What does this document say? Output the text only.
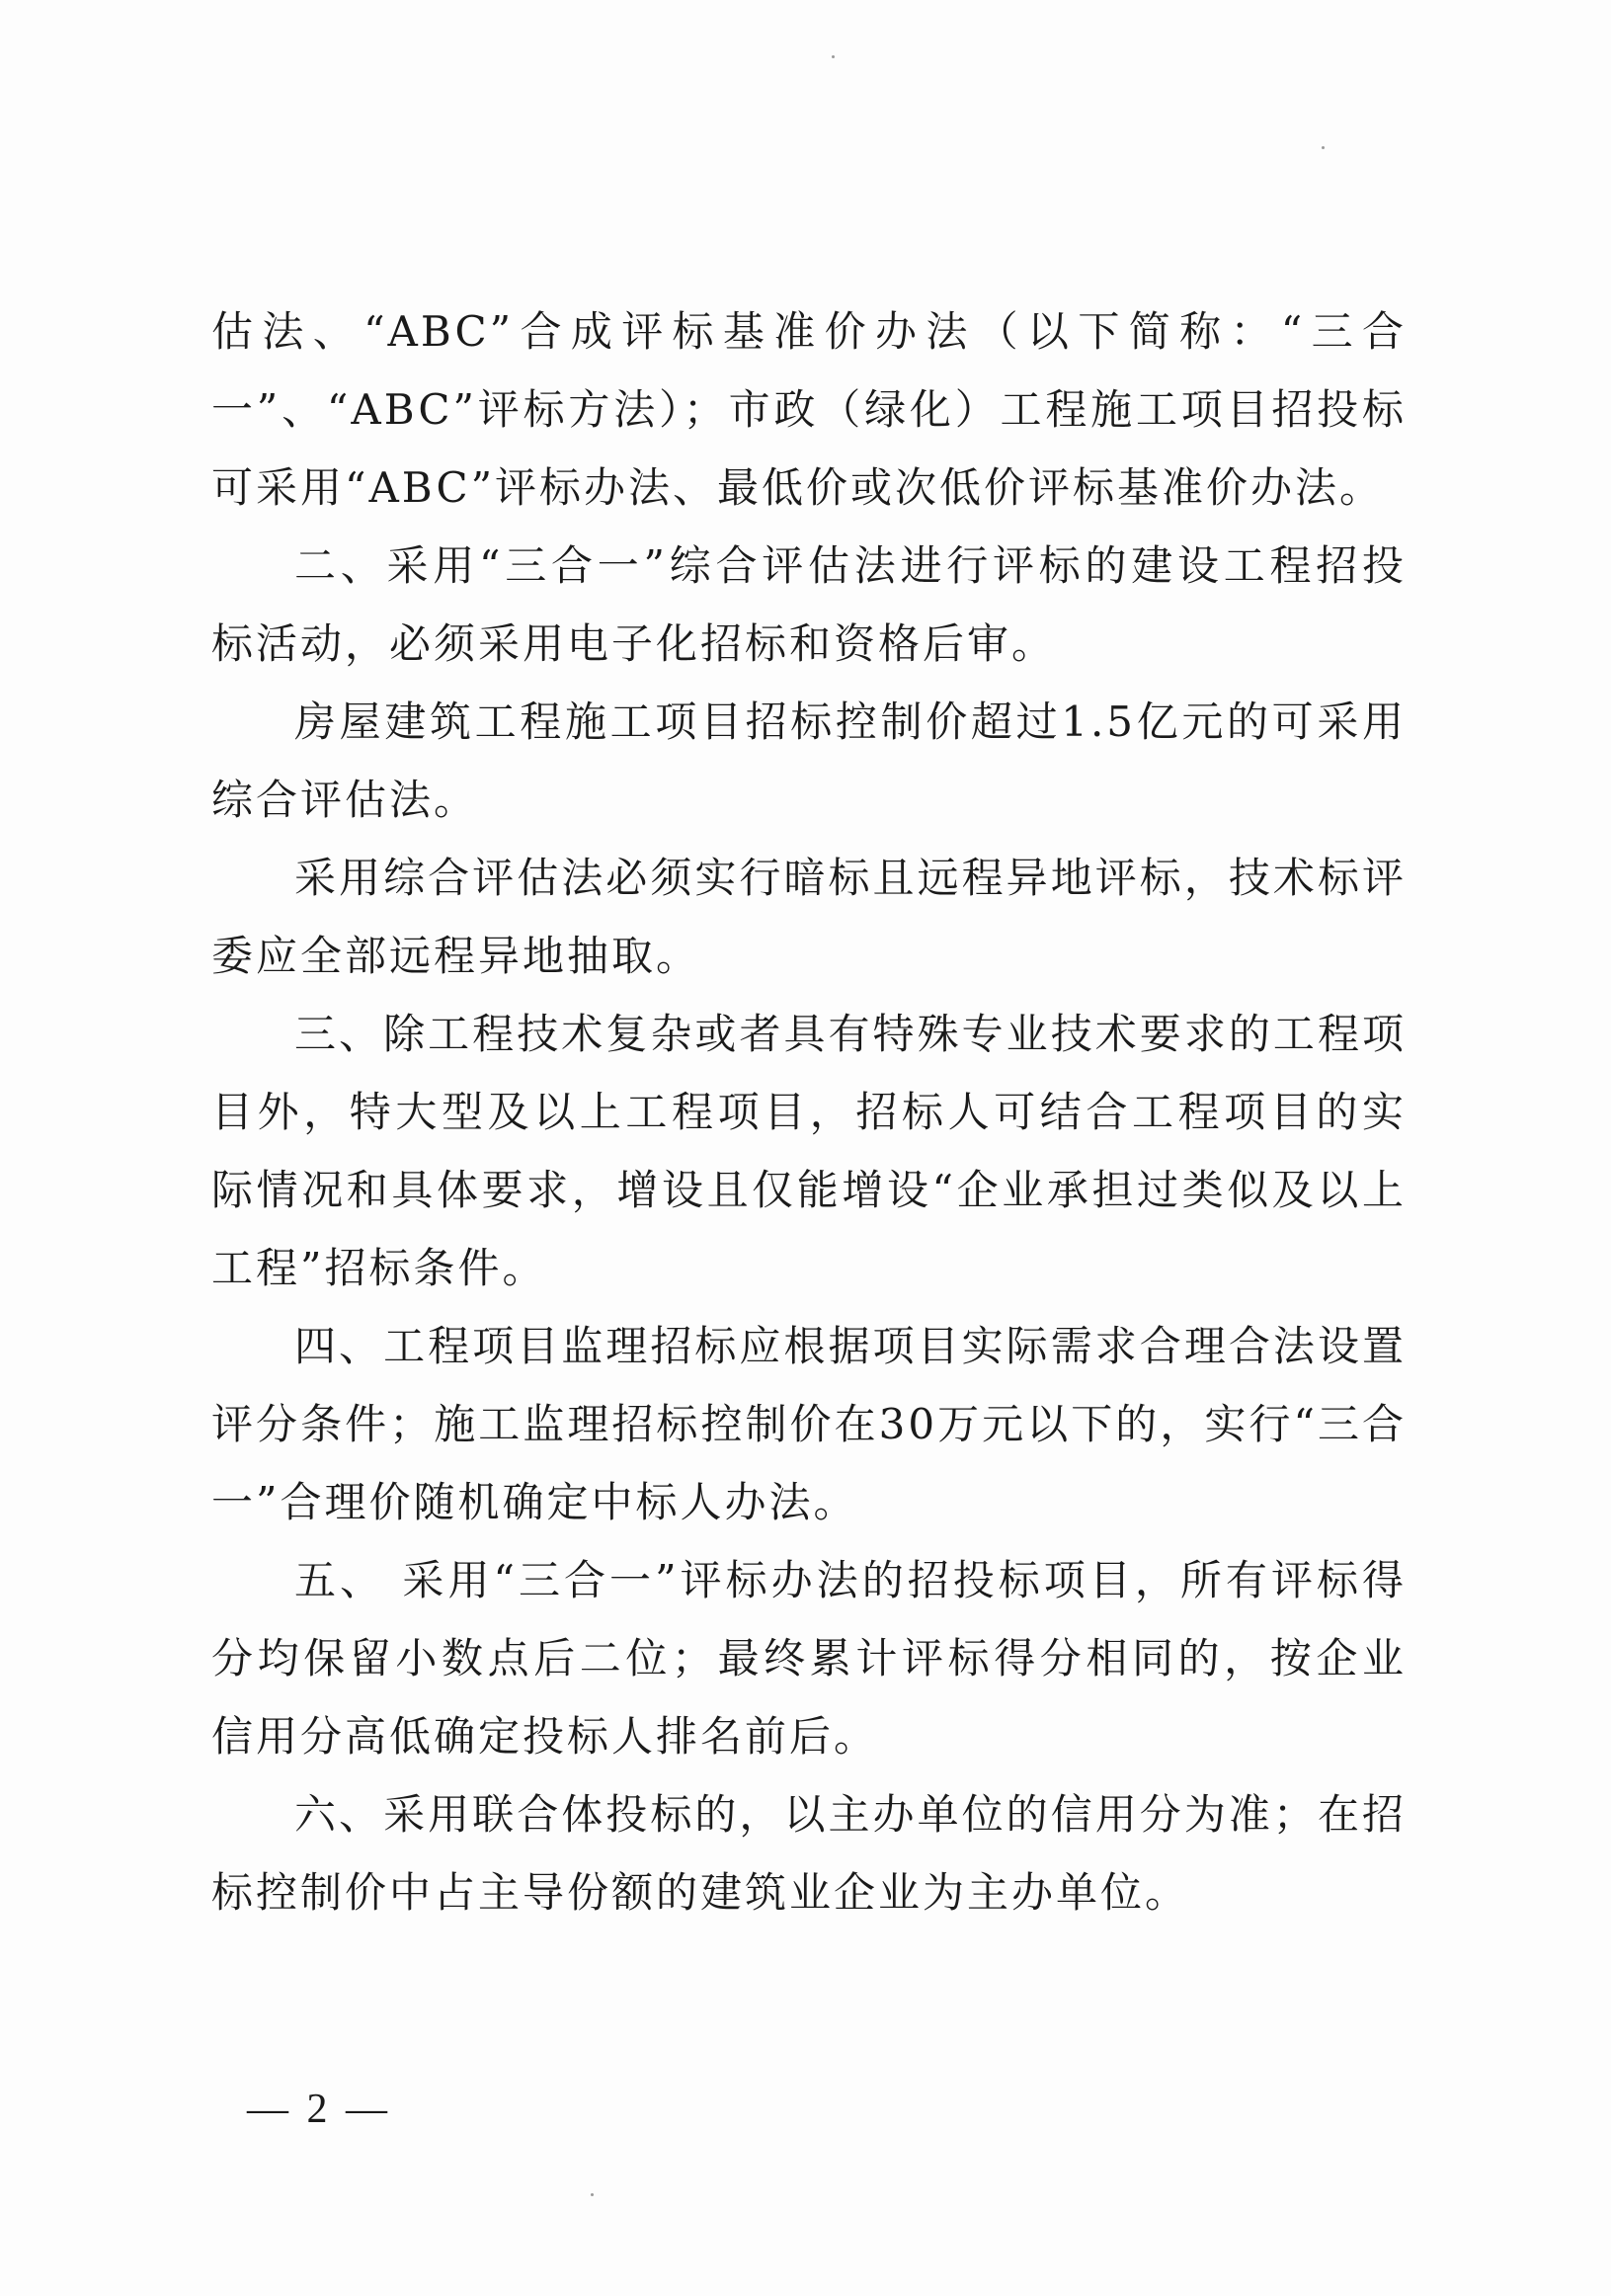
估法、“ABC”合成评标基准价办法（以下简称：“三合一”、“ABC”评标方法）；市政（绿化）工程施工项目招投标可采用“ABC”评标办法、最低价或次低价评标基准价办法。

二、采用“三合一”综合评估法进行评标的建设工程招投标活动，必须采用电子化招标和资格后审。

房屋建筑工程施工项目招标控制价超过1.5亿元的可采用综合评估法。

采用综合评估法必须实行暗标且远程异地评标，技术标评委应全部远程异地抽取。

三、除工程技术复杂或者具有特殊专业技术要求的工程项目外，特大型及以上工程项目，招标人可结合工程项目的实际情况和具体要求，增设且仅能增设“企业承担过类似及以上工程”招标条件。

四、工程项目监理招标应根据项目实际需求合理合法设置评分条件；施工监理招标控制价在30万元以下的，实行“三合一”合理价随机确定中标人办法。

五、 采用“三合一”评标办法的招投标项目，所有评标得分均保留小数点后二位；最终累计评标得分相同的，按企业信用分高低确定投标人排名前后。

六、采用联合体投标的，以主办单位的信用分为准；在招标控制价中占主导份额的建筑业企业为主办单位。

— 2 —
